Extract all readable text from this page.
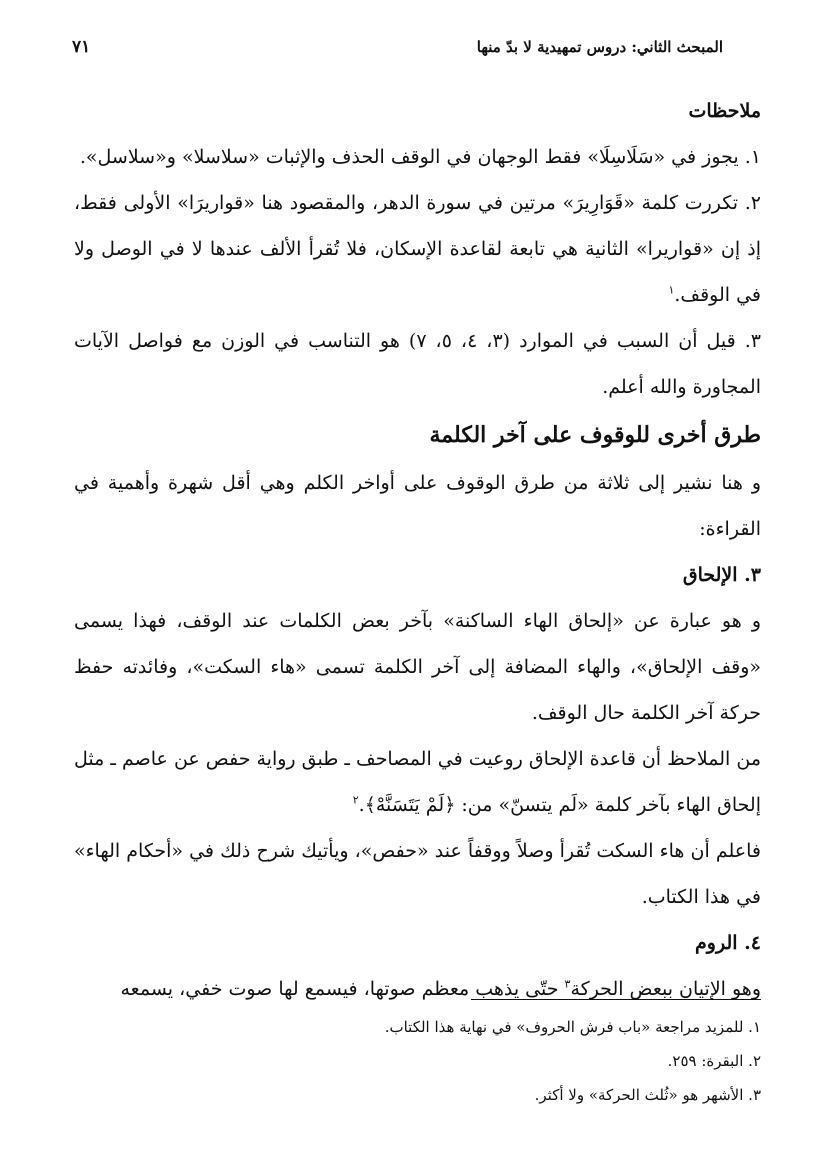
المبحث الثاني: دروس تمهيدية لا بدّ منها
٧١

ملاحظات

١. يجوز في «سَلَاسِلَا» فقط الوجهان في الوقف الحذف والإثبات «سلاسلا» و«سلاسل».

٢. تكررت كلمة «قَوَارِيرَ» مرتين في سورة الدهر، والمقصود هنا «قواريرَا» الأولى فقط، إذ إن «قواريرا» الثانية هي تابعة لقاعدة الإسكان، فلا تُقرأ الألف عندها لا في الوصل ولا في الوقف.$^١$

٣. قيل أن السبب في الموارد (٣، ٤، ٥، ٧) هو التناسب في الوزن مع فواصل الآيات المجاورة والله أعلم.

طرق أخرى للوقوف على آخر الكلمة

و هنا نشير إلى ثلاثة من طرق الوقوف على أواخر الكلم وهي أقل شهرة وأهمية في القراءة:

٣. الإلحاق

و هو عبارة عن «إلحاق الهاء الساكنة» بآخر بعض الكلمات عند الوقف، فهذا يسمى «وقف الإلحاق»، والهاء المضافة إلى آخر الكلمة تسمى «هاء السكت»، وفائدته حفظ حركة آخر الكلمة حال الوقف.

من الملاحظ أن قاعدة الإلحاق روعيت في المصاحف ـ طبق رواية حفص عن عاصم ـ مثل إلحاق الهاء بآخر كلمة «لَم يتسنّ» من: ﴿لَمْ يَتَسَنَّهْ﴾.$^٢$

فاعلم أن هاء السكت تُقرأ وصلاً ووقفاً عند «حفص»، ويأتيك شرح ذلك في «أحكام الهاء» في هذا الكتاب.

٤. الروم

وهو الإتيان ببعض الحركة$^٣$ حتّى يذهب معظم صوتها، فيسمع لها صوت خفي، يسمعه

١. للمزيد مراجعة «باب فرش الحروف» في نهاية هذا الكتاب.
٢. البقرة: ٢٥٩.
٣. الأشهر هو «ثُلث الحركة» ولا أكثر.
